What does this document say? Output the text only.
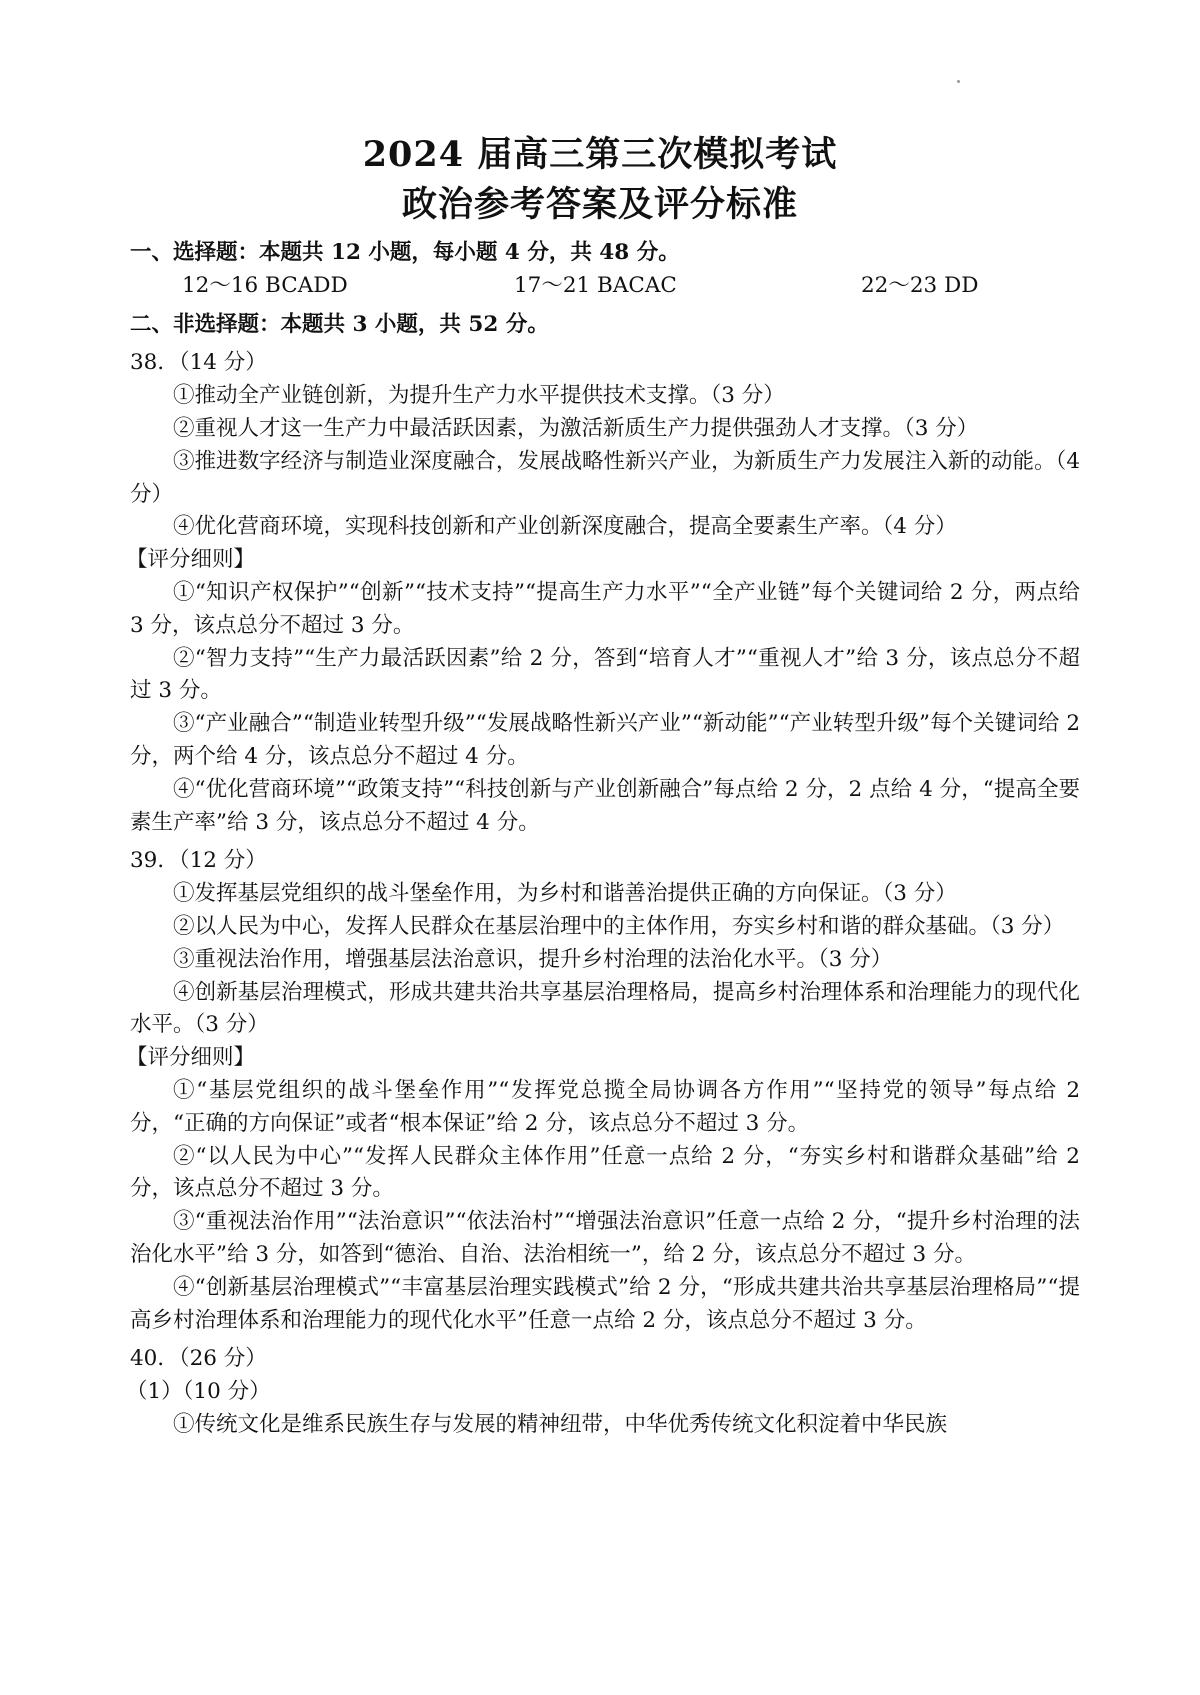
2024 届高三第三次模拟考试
政治参考答案及评分标准

一、选择题：本题共 12 小题，每小题 4 分，共 48 分。

12～16 BCADD	17～21 BACAC	22～23 DD

二、非选择题：本题共 3 小题，共 52 分。

38．（14 分）

①推动全产业链创新，为提升生产力水平提供技术支撑。（3 分）

②重视人才这一生产力中最活跃因素，为激活新质生产力提供强劲人才支撑。（3 分）

③推进数字经济与制造业深度融合，发展战略性新兴产业，为新质生产力发展注入新的动能。（4 分）

④优化营商环境，实现科技创新和产业创新深度融合，提高全要素生产率。（4 分）

【评分细则】

①“知识产权保护”“创新”“技术支持”“提高生产力水平”“全产业链”每个关键词给 2 分，两点给 3 分，该点总分不超过 3 分。

②“智力支持”“生产力最活跃因素”给 2 分，答到“培育人才”“重视人才”给 3 分，该点总分不超过 3 分。

③“产业融合”“制造业转型升级”“发展战略性新兴产业”“新动能”“产业转型升级”每个关键词给 2 分，两个给 4 分，该点总分不超过 4 分。

④“优化营商环境”“政策支持”“科技创新与产业创新融合”每点给 2 分，2 点给 4 分，“提高全要素生产率”给 3 分，该点总分不超过 4 分。

39．（12 分）

①发挥基层党组织的战斗堡垒作用，为乡村和谐善治提供正确的方向保证。（3 分）

②以人民为中心，发挥人民群众在基层治理中的主体作用，夯实乡村和谐的群众基础。（3 分）

③重视法治作用，增强基层法治意识，提升乡村治理的法治化水平。（3 分）

④创新基层治理模式，形成共建共治共享基层治理格局，提高乡村治理体系和治理能力的现代化水平。（3 分）

【评分细则】

①“基层党组织的战斗堡垒作用”“发挥党总揽全局协调各方作用”“坚持党的领导”每点给 2 分，“正确的方向保证”或者“根本保证”给 2 分，该点总分不超过 3 分。

②“以人民为中心”“发挥人民群众主体作用”任意一点给 2 分，“夯实乡村和谐群众基础”给 2 分，该点总分不超过 3 分。

③“重视法治作用”“法治意识”“依法治村”“增强法治意识”任意一点给 2 分，“提升乡村治理的法治化水平”给 3 分，如答到“德治、自治、法治相统一”，给 2 分，该点总分不超过 3 分。

④“创新基层治理模式”“丰富基层治理实践模式”给 2 分，“形成共建共治共享基层治理格局”“提高乡村治理体系和治理能力的现代化水平”任意一点给 2 分，该点总分不超过 3 分。

40．（26 分）

（1）（10 分）

①传统文化是维系民族生存与发展的精神纽带，中华优秀传统文化积淀着中华民族
